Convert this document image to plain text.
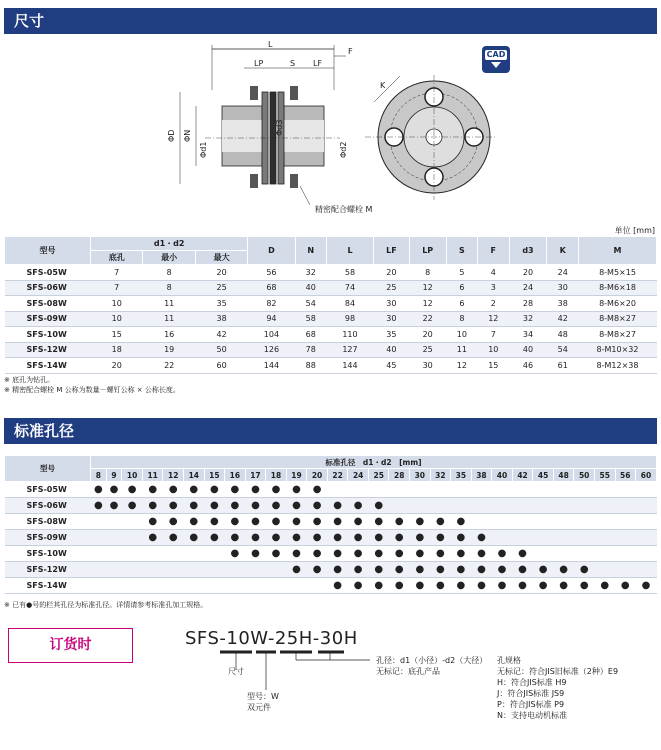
尺寸
CAD
L
F
LP	S LF
ΦD ΦN
Φd1
Φd3
Φd2
精密配合螺栓 M
K
单位 [mm]
型号	d1・d2			D	N	L	LF	LP	S	F	d3	K	M
	底孔	最小	最大										
SFS-05W	7	8	20	56	32	58	20	8	5	4	20	24	8-M5×15
SFS-06W	7	8	25	68	40	74	25	12	6	3	24	30	8-M6×18
SFS-08W	10	11	35	82	54	84	30	12	6	2	28	38	8-M6×20
SFS-09W	10	11	38	94	58	98	30	22	8	12	32	42	8-M8×27
SFS-10W	15	16	42	104	68	110	35	20	10	7	34	48	8-M8×27
SFS-12W	18	19	50	126	78	127	40	25	11	10	40	54	8-M10×32
SFS-14W	20	22	60	144	88	144	45	30	12	15	46	61	8-M12×38
※ 底孔为钻孔。
※ 精密配合螺栓 M 公称为数量－螺钉公称 × 公称长度。
标准孔径
型号	标准孔径　d1・d2　[mm]																											
	8	9	10	11	12	14	15	16	17	18	19	20	22	24	25	28	30	32	35	38	40	42	45	48	50	55	56	60
SFS-05W	●	●	●	●	●	●	●	●	●	●	●	●																
SFS-06W	●	●	●	●	●	●	●	●	●	●	●	●	●	●	●													
SFS-08W				●	●	●	●	●	●	●	●	●	●	●	●	●	●	●	●									
SFS-09W				●	●	●	●	●	●	●	●	●	●	●	●	●	●	●	●	●								
SFS-10W								●	●	●	●	●	●	●	●	●	●	●	●	●	●	●						
SFS-12W											●	●	●	●	●	●	●	●	●	●	●	●	●	●	●			
SFS-14W													●	●	●	●	●	●	●	●	●	●	●	●	●	●	●	●
※ 已有●号的栏其孔径为标准孔径。详情请参考标准孔加工规格。
订货时	SFS-10W-25H-30H
尺寸
型号：W
双元件
孔径：d1（小径）-d2（大径）
无标记：底孔产品
孔规格
无标记：符合JIS旧标准（2种）E9
H：符合JIS标准 H9
J：符合JIS标准 JS9
P：符合JIS标准 P9
N：支持电动机标准
